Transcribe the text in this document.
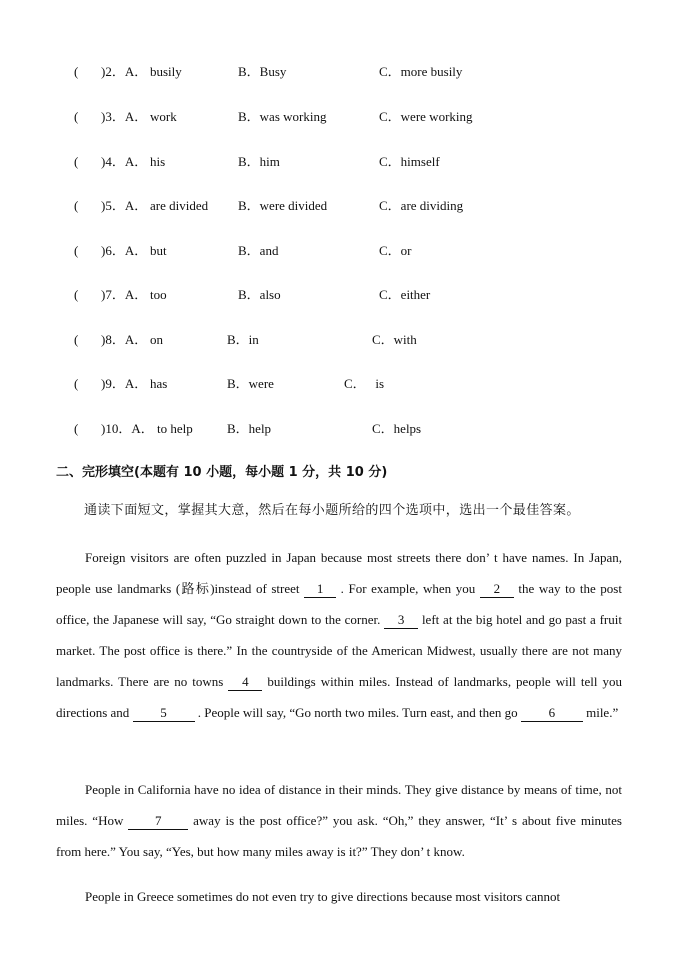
( )2．A． busily	B．Busy	C．more busily
( )3．A． work	B．was working	C．were working
( )4．A． his	B．him	C．himself
( )5．A． are divided B．were divided	C．are dividing
( )6．A． but	B．and	C．or
( )7．A． too	B．also	C．either
( )8．A． on	B．in	C．with
( )9．A． has	B．were	C．   is
( )10．A． to help	B．help	C．helps
二、完形填空(本题有 10 小题，每小题 1 分，共 10 分)
通读下面短文，掌握其大意，然后在每小题所给的四个选项中，选出一个最佳答案。

Foreign visitors are often puzzled in Japan because most streets there don’ t have names. In Japan, people use landmarks (路标)instead of street 1 . For example, when you 2 the way to the post office, the Japanese will say, “Go straight down to the corner. 3 left at the big hotel and go past a fruit market. The post office is there.” In the countryside of the American Midwest, usually there are not many landmarks. There are no towns 4 buildings within miles. Instead of landmarks, people will tell you directions and 5 . People will say, “Go north two miles. Turn east, and then go 6 mile.”

People in California have no idea of distance in their minds. They give distance by means of time, not miles. “How 7 away is the post office?” you ask. “Oh,” they answer, “It’ s about five minutes from here.” You say, “Yes, but how many miles away is it?” They don’ t know.

People in Greece sometimes do not even try to give directions because most visitors cannot
